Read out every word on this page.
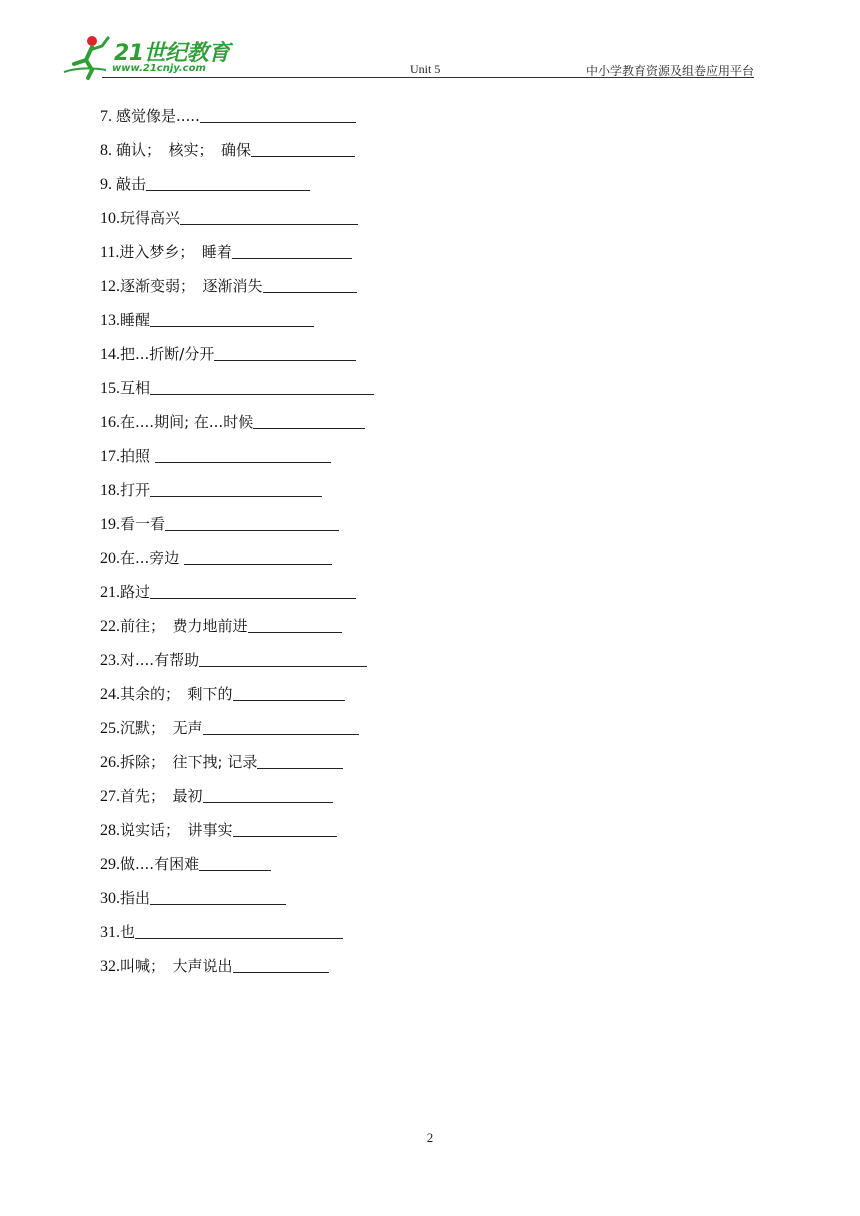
21世纪教育
www.21cnjy.com	Unit 5	中小学教育资源及组卷应用平台
7. 感觉像是.....
8. 确认；　核实；　确保
9. 敲击
10.玩得高兴
11.进入梦乡；　睡着
12.逐渐变弱；　逐渐消失
13.睡醒
14.把...折断/分开
15.互相
16.在....期间; 在...时候
17.拍照
18.打开
19.看一看
20.在...旁边
21.路过
22.前往；　费力地前进
23.对....有帮助
24.其余的；　剩下的
25.沉默；　无声
26.拆除；　往下拽; 记录
27.首先；　最初
28.说实话；　讲事实
29.做....有困难
30.指出
31.也
32.叫喊；　大声说出
2
